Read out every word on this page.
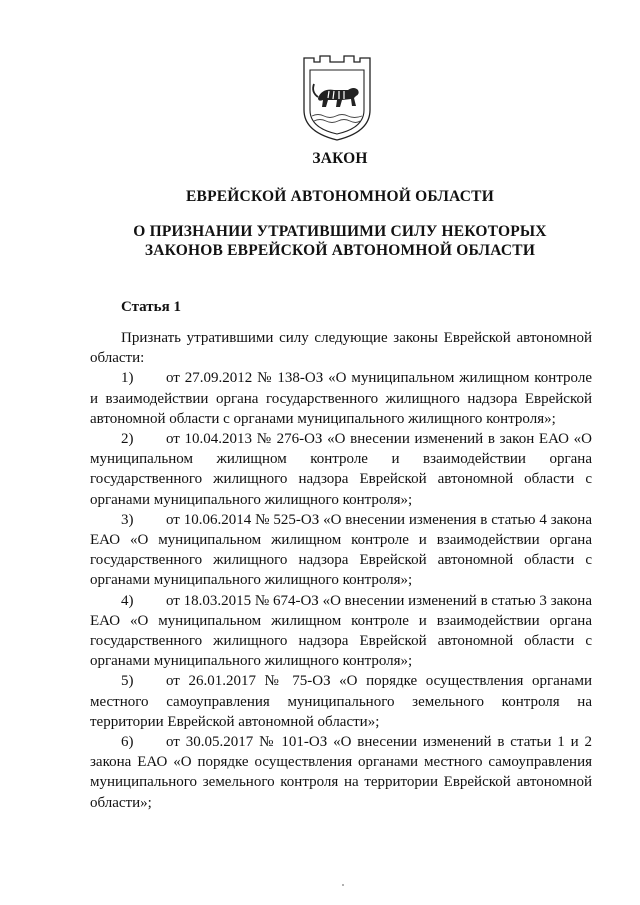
ЗАКОН
ЕВРЕЙСКОЙ АВТОНОМНОЙ ОБЛАСТИ
О ПРИЗНАНИИ УТРАТИВШИМИ СИЛУ НЕКОТОРЫХ
ЗАКОНОВ ЕВРЕЙСКОЙ АВТОНОМНОЙ ОБЛАСТИ
Статья 1

Признать утратившими силу следующие законы Еврейской автономной области:

1) от 27.09.2012 № 138-ОЗ «О муниципальном жилищном контроле и взаимодействии органа государственного жилищного надзора Еврейской автономной области с органами муниципального жилищного контроля»;

2) от 10.04.2013 № 276-ОЗ «О внесении изменений в закон ЕАО «О муниципальном жилищном контроле и взаимодействии органа государственного жилищного надзора Еврейской автономной области с органами муниципального жилищного контроля»;

3) от 10.06.2014 № 525-ОЗ «О внесении изменения в статью 4 закона ЕАО «О муниципальном жилищном контроле и взаимодействии органа государственного жилищного надзора Еврейской автономной области с органами муниципального жилищного контроля»;

4) от 18.03.2015 № 674-ОЗ «О внесении изменений в статью 3 закона ЕАО «О муниципальном жилищном контроле и взаимодействии органа государственного жилищного надзора Еврейской автономной области с органами муниципального жилищного контроля»;

5) от 26.01.2017 № 75-ОЗ «О порядке осуществления органами местного самоуправления муниципального земельного контроля на территории Еврейской автономной области»;

6) от 30.05.2017 № 101-ОЗ «О внесении изменений в статьи 1 и 2 закона ЕАО «О порядке осуществления органами местного самоуправления муниципального земельного контроля на территории Еврейской автономной области»;
